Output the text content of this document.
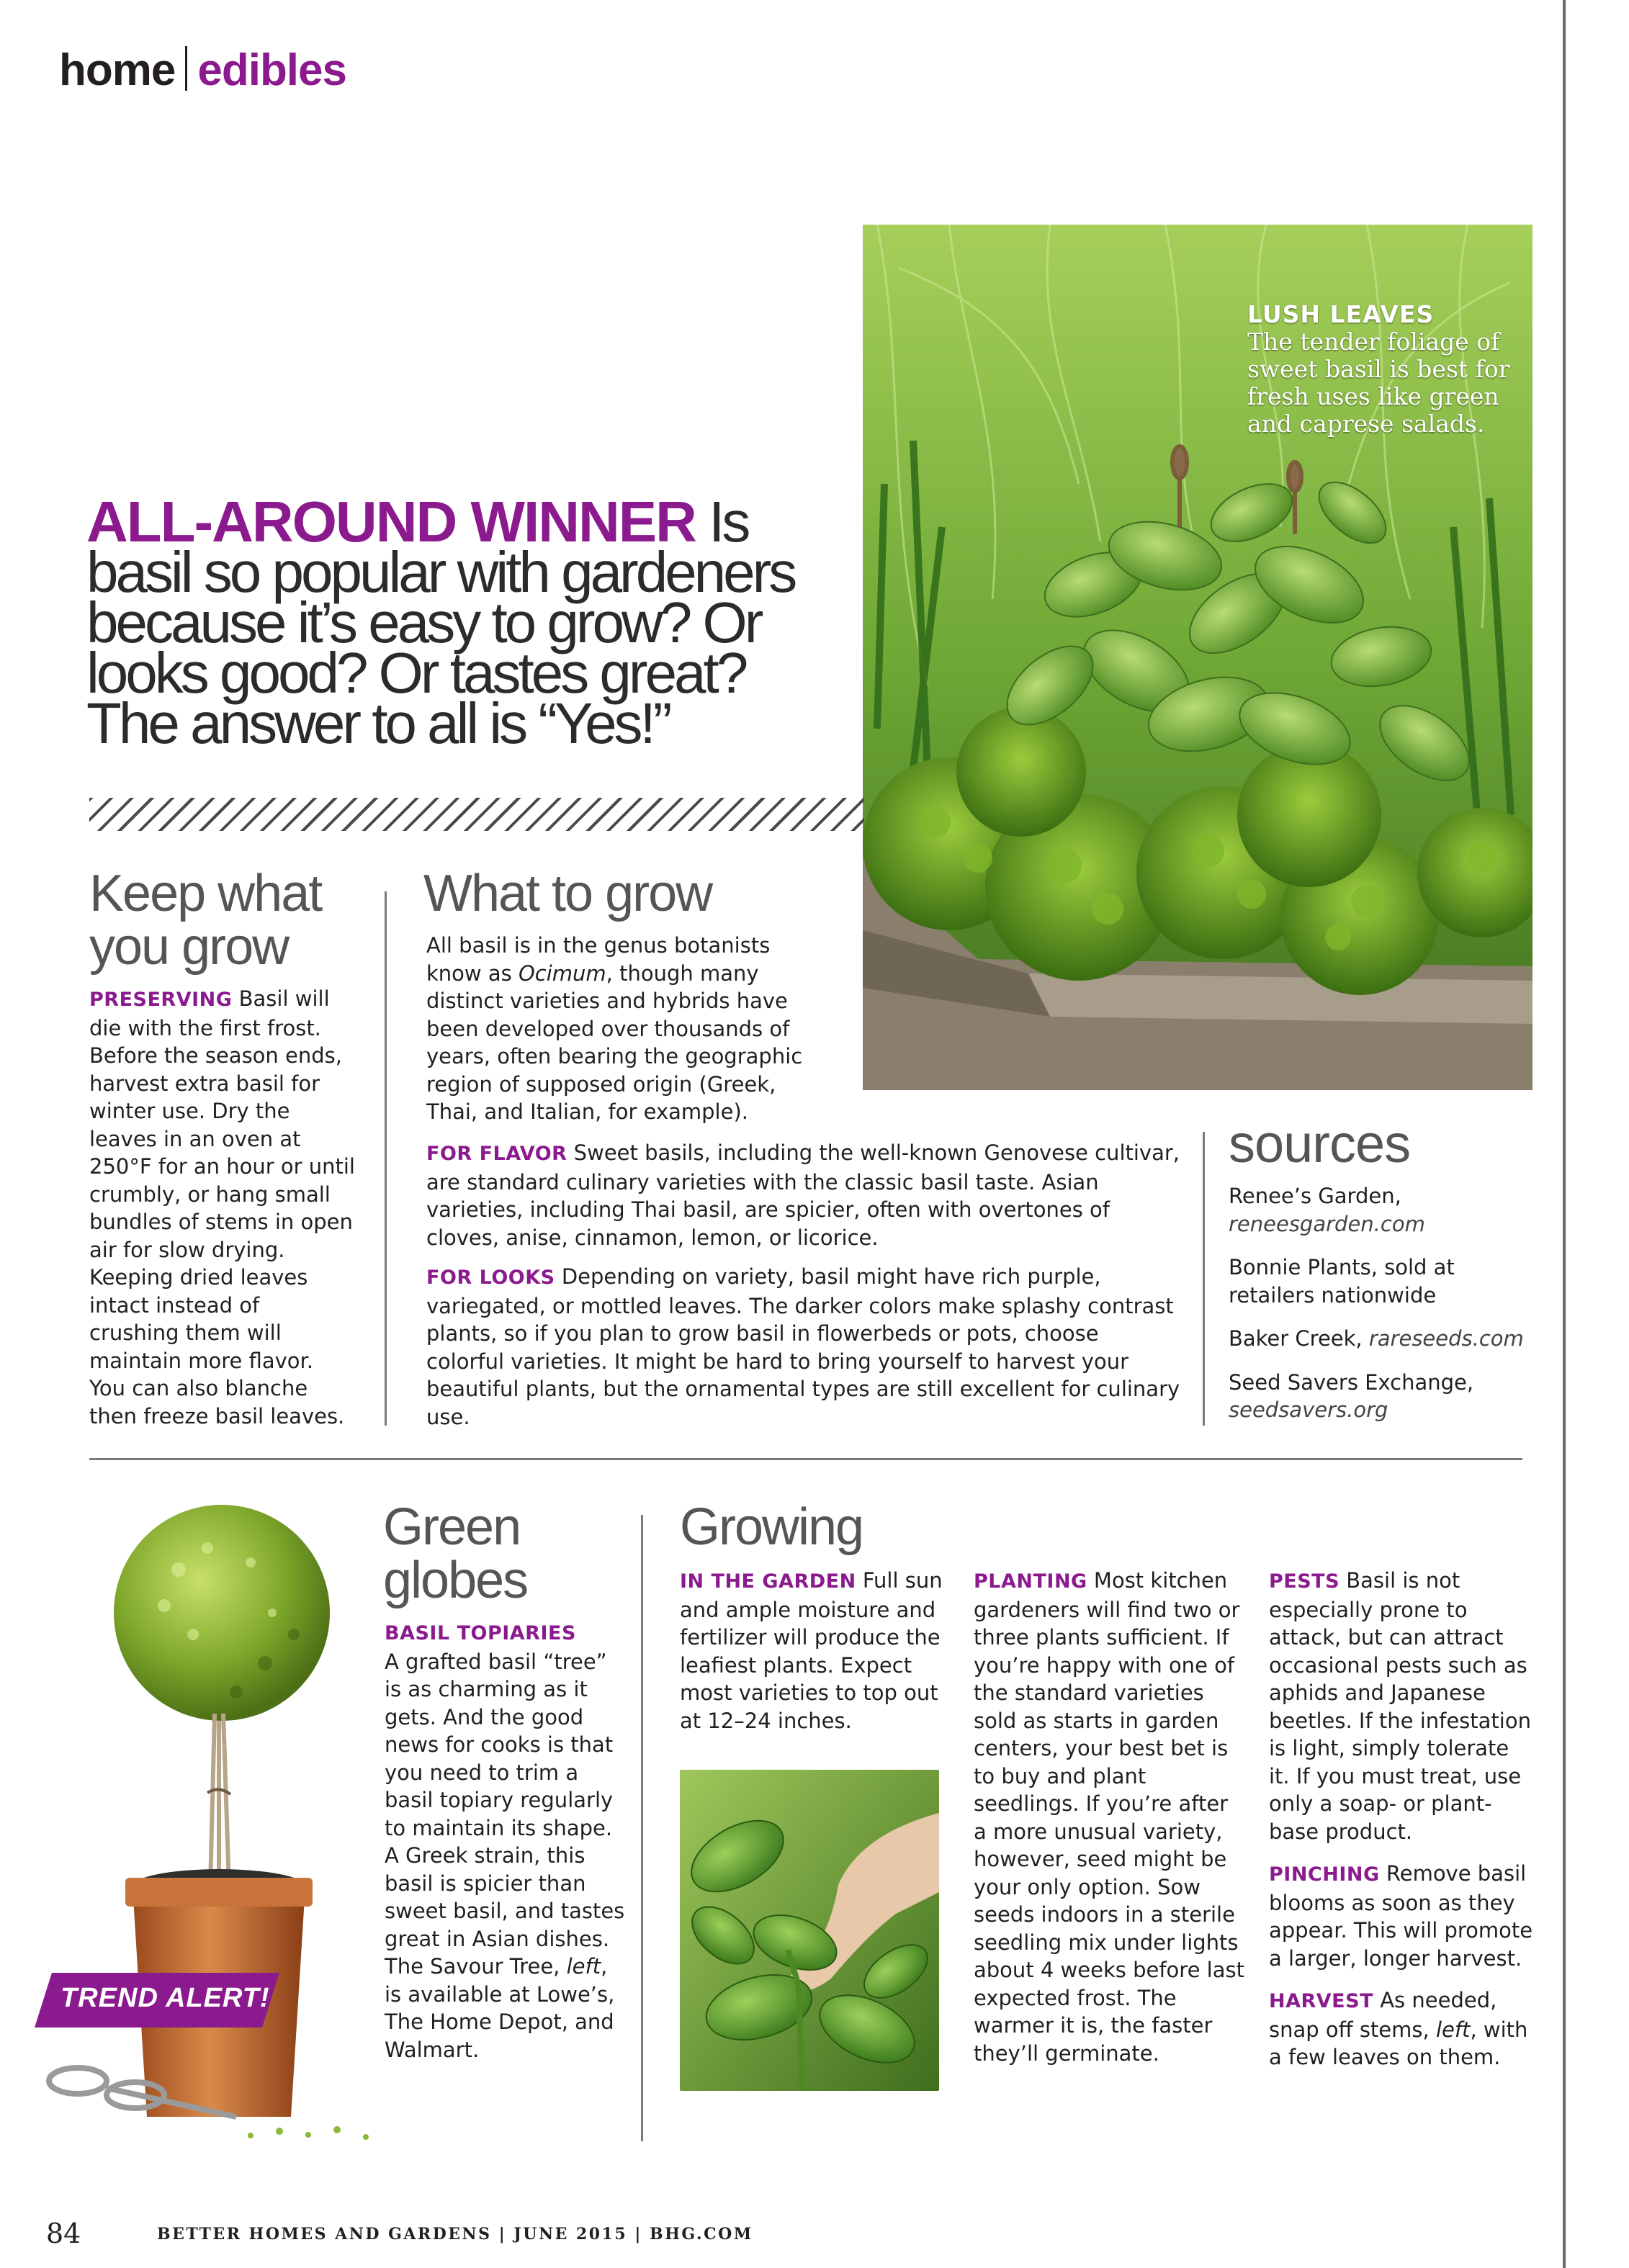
home edibles
LUSH LEAVES
The tender foliage of sweet basil is best for fresh uses like green and caprese salads.
ALL-AROUND WINNER Is basil so popular with gardeners because it’s easy to grow? Or looks good? Or tastes great? The answer to all is “Yes!”
Keep what you grow
PRESERVING Basil will die with the first frost. Before the season ends, harvest extra basil for winter use. Dry the leaves in an oven at 250°F for an hour or until crumbly, or hang small bundles of stems in open air for slow drying. Keeping dried leaves intact instead of crushing them will maintain more flavor. You can also blanche then freeze basil leaves.
What to grow
All basil is in the genus botanists know as Ocimum, though many distinct varieties and hybrids have been developed over thousands of years, often bearing the geographic region of supposed origin (Greek, Thai, and Italian, for example).
FOR FLAVOR Sweet basils, including the well-known Genovese cultivar, are standard culinary varieties with the classic basil taste. Asian varieties, including Thai basil, are spicier, often with overtones of cloves, anise, cinnamon, lemon, or licorice.
FOR LOOKS Depending on variety, basil might have rich purple, variegated, or mottled leaves. The darker colors make splashy contrast plants, so if you plan to grow basil in flowerbeds or pots, choose colorful varieties. It might be hard to bring yourself to harvest your beautiful plants, but the ornamental types are still excellent for culinary use.
sources
Renee’s Garden,
reneesgarden.com
Bonnie Plants, sold at retailers nationwide
Baker Creek, rareseeds.com
Seed Savers Exchange,
seedsavers.org
TREND ALERT!
Green globes
BASIL TOPIARIES
A grafted basil “tree” is as charming as it gets. And the good news for cooks is that you need to trim a basil topiary regularly to maintain its shape. A Greek strain, this basil is spicier than sweet basil, and tastes great in Asian dishes. The Savour Tree, left, is available at Lowe’s, The Home Depot, and Walmart.
Growing
IN THE GARDEN Full sun and ample moisture and fertilizer will produce the leafiest plants. Expect most varieties to top out at 12–24 inches.
PLANTING Most kitchen gardeners will find two or three plants sufficient. If you’re happy with one of the standard varieties sold as starts in garden centers, your best bet is to buy and plant seedlings. If you’re after a more unusual variety, however, seed might be your only option. Sow seeds indoors in a sterile seedling mix under lights about 4 weeks before last expected frost. The warmer it is, the faster they’ll germinate.
PESTS Basil is not especially prone to attack, but can attract occasional pests such as aphids and Japanese beetles. If the infestation is light, simply tolerate it. If you must treat, use only a soap- or plant-base product.
PINCHING Remove basil blooms as soon as they appear. This will promote a larger, longer harvest.
HARVEST As needed, snap off stems, left, with a few leaves on them.
84	BETTER HOMES AND GARDENS | JUNE 2015 | BHG.COM
